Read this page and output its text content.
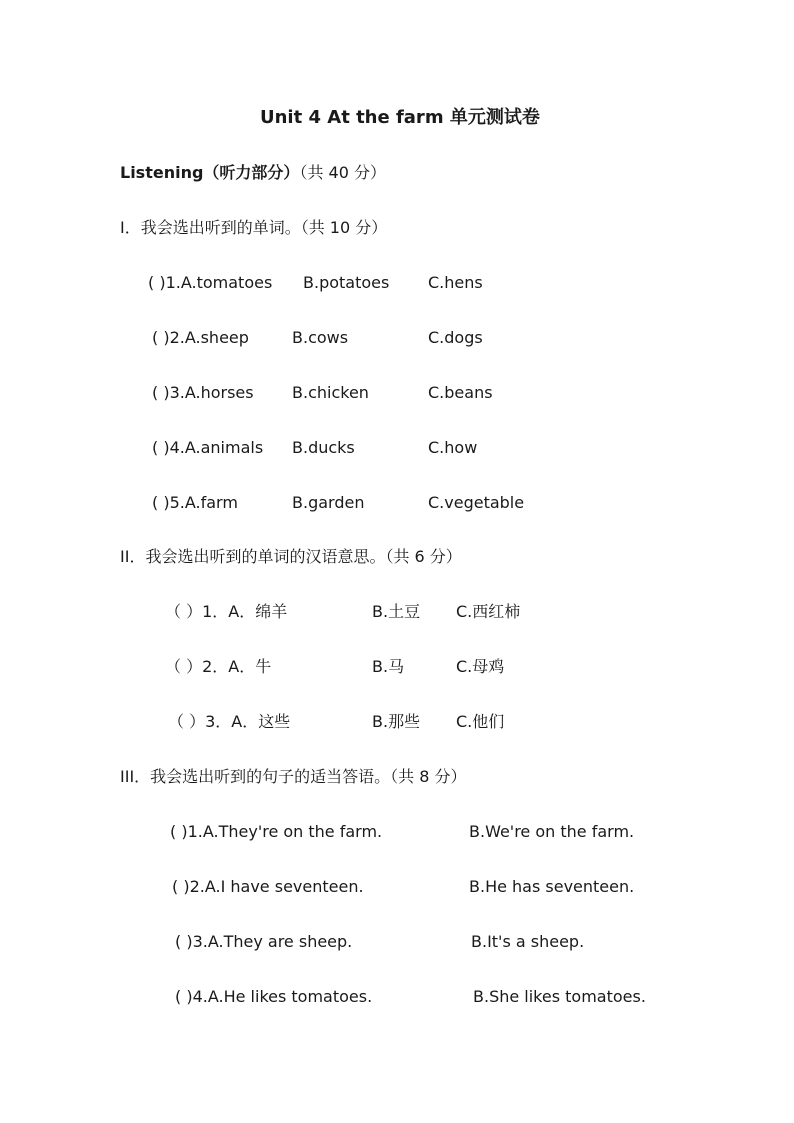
Unit 4 At the farm 单元测试卷
Listening（听力部分）（共 40 分）
I．我会选出听到的单词。（共 10 分）
( )1.A.tomatoes B.potatoes C.hens
( )2.A.sheep	B.cows	C.dogs
( )3.A.horses B.chicken	C.beans
( )4.A.animals B.ducks	C.how
( )5.A.farm	B.garden	C.vegetable
II．我会选出听到的单词的汉语意思。（共 6 分）
（ ）1．A．绵羊	B.土豆 C.西红柿
（ ）2．A．牛	B.马	C.母鸡
（ ）3．A．这些	B.那些 C.他们
III．我会选出听到的句子的适当答语。（共 8 分）
( )1.A.They're on the farm.	B.We're on the farm.
( )2.A.I have seventeen.	B.He has seventeen.
( )3.A.They are sheep.	B.It's a sheep.
( )4.A.He likes tomatoes.	B.She likes tomatoes.
